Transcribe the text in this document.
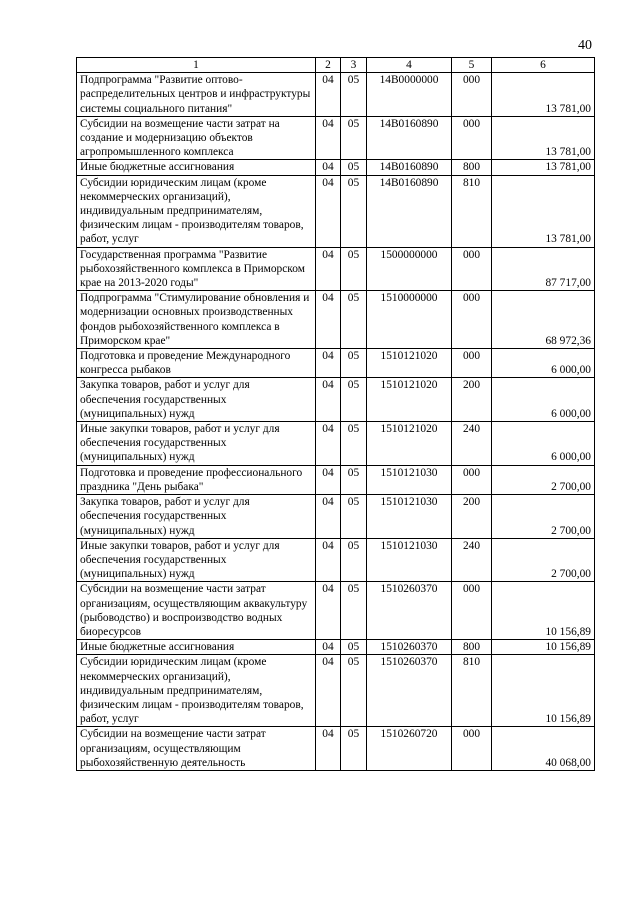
40
1	2	3	4	5	6
Подпрограмма "Развитие оптово-распределительных центров и инфраструктуры системы социального питания"	04	05	14В0000000	000	13 781,00
Субсидии на возмещение части затрат на создание и модернизацию объектов агропромышленного комплекса	04	05	14В0160890	000	13 781,00
Иные бюджетные ассигнования	04	05	14В0160890	800	13 781,00
Субсидии юридическим лицам (кроме некоммерческих организаций), индивидуальным предпринимателям, физическим лицам - производителям товаров, работ, услуг	04	05	14В0160890	810	13 781,00
Государственная программа "Развитие рыбохозяйственного комплекса в Приморском крае на 2013-2020 годы"	04	05	1500000000	000	87 717,00
Подпрограмма "Стимулирование обновления и модернизации основных производственных фондов рыбохозяйственного комплекса в Приморском крае"	04	05	1510000000	000	68 972,36
Подготовка и проведение Международного конгресса рыбаков	04	05	1510121020	000	6 000,00
Закупка товаров, работ и услуг для обеспечения государственных (муниципальных) нужд	04	05	1510121020	200	6 000,00
Иные закупки товаров, работ и услуг для обеспечения государственных (муниципальных) нужд	04	05	1510121020	240	6 000,00
Подготовка и проведение профессионального праздника "День рыбака"	04	05	1510121030	000	2 700,00
Закупка товаров, работ и услуг для обеспечения государственных (муниципальных) нужд	04	05	1510121030	200	2 700,00
Иные закупки товаров, работ и услуг для обеспечения государственных (муниципальных) нужд	04	05	1510121030	240	2 700,00
Субсидии на возмещение части затрат организациям, осуществляющим аквакультуру (рыбоводство) и воспроизводство водных биоресурсов	04	05	1510260370	000	10 156,89
Иные бюджетные ассигнования	04	05	1510260370	800	10 156,89
Субсидии юридическим лицам (кроме некоммерческих организаций), индивидуальным предпринимателям, физическим лицам - производителям товаров, работ, услуг	04	05	1510260370	810	10 156,89
Субсидии на возмещение части затрат организациям, осуществляющим рыбохозяйственную деятельность	04	05	1510260720	000	40 068,00
